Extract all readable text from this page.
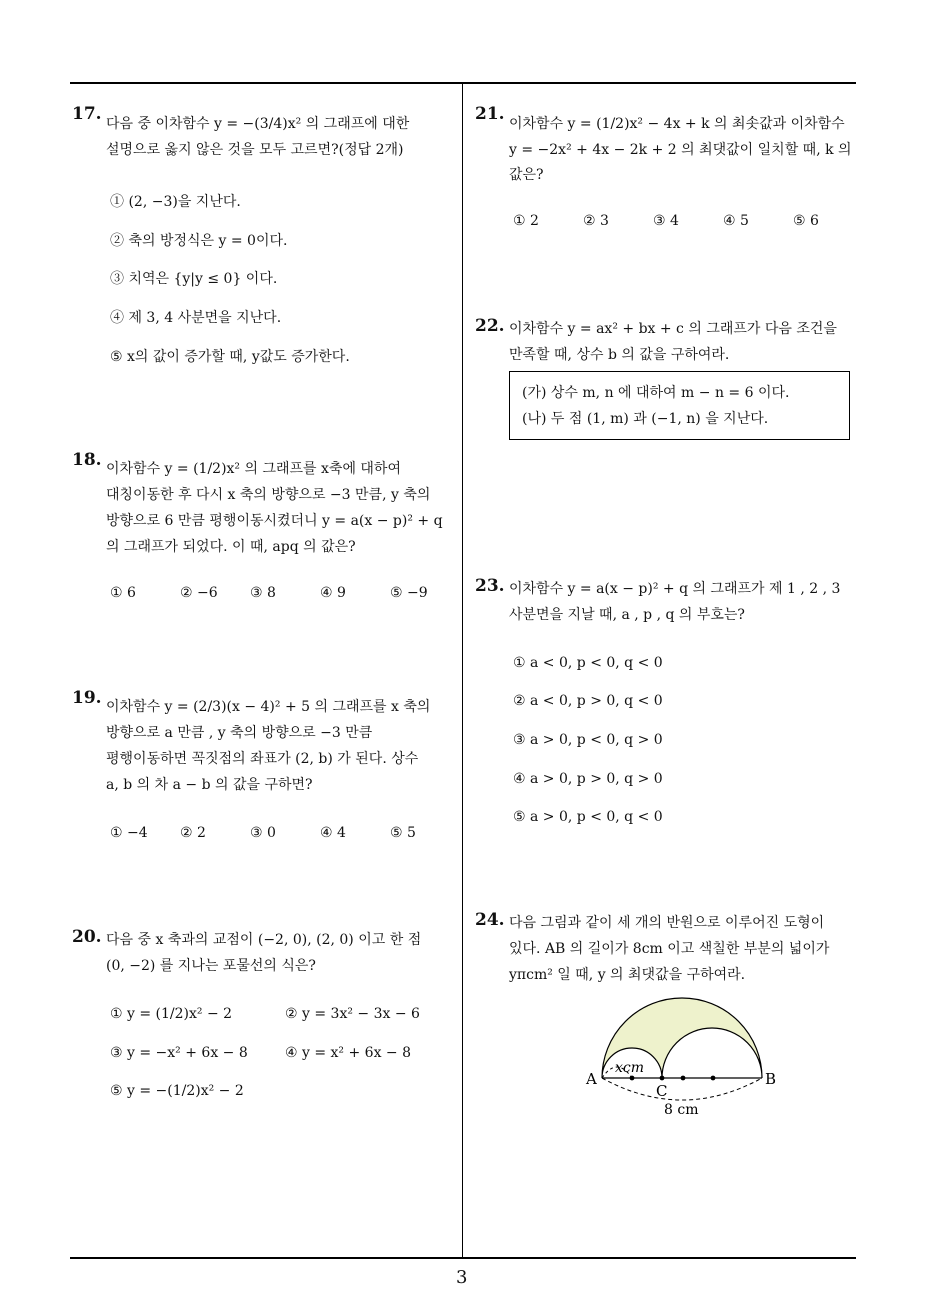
17. 다음 중 이차함수 y = −(3/4)x² 의 그래프에 대한
설명으로 옳지 않은 것을 모두 고르면?(정답 2개)
① (2, −3)을 지난다.
② 축의 방정식은 y = 0이다.
③ 치역은 {y|y ≤ 0} 이다.
④ 제 3, 4 사분면을 지난다.
⑤ x의 값이 증가할 때, y값도 증가한다.
18. 이차함수 y = (1/2)x² 의 그래프를 x축에 대하여
대칭이동한 후 다시 x 축의 방향으로 −3 만큼, y 축의
방향으로 6 만큼 평행이동시켰더니 y = a(x − p)² + q
의 그래프가 되었다. 이 때, apq 의 값은?
① 6	② −6 ③ 8	④ 9	⑤ −9
19. 이차함수 y = (2/3)(x − 4)² + 5 의 그래프를 x 축의
방향으로 a 만큼 , y 축의 방향으로 −3 만큼
평행이동하면 꼭짓점의 좌표가 (2, b) 가 된다. 상수
a, b 의 차 a − b 의 값을 구하면?
① −4 ② 2	③ 0	④ 4	⑤ 5
20. 다음 중 x 축과의 교점이 (−2, 0), (2, 0) 이고 한 점
(0, −2) 를 지나는 포물선의 식은?
① y = (1/2)x² − 2	② y = 3x² − 3x − 6
③ y = −x² + 6x − 8	④ y = x² + 6x − 8
⑤ y = −(1/2)x² − 2
21. 이차함수 y = (1/2)x² − 4x + k 의 최솟값과 이차함수
y = −2x² + 4x − 2k + 2 의 최댓값이 일치할 때, k 의
값은?
① 2	② 3	③ 4	④ 5	⑤ 6
22. 이차함수 y = ax² + bx + c 의 그래프가 다음 조건을
만족할 때, 상수 b 의 값을 구하여라.
(가) 상수 m, n 에 대하여 m − n = 6 이다.
(나) 두 점 (1, m) 과 (−1, n) 을 지난다.
23. 이차함수 y = a(x − p)² + q 의 그래프가 제 1 , 2 , 3
사분면을 지날 때, a , p , q 의 부호는?
① a < 0, p < 0, q < 0
② a < 0, p > 0, q < 0
③ a > 0, p < 0, q > 0
④ a > 0, p > 0, q > 0
⑤ a > 0, p < 0, q < 0
24. 다음 그림과 같이 세 개의 반원으로 이루어진 도형이
있다. AB 의 길이가 8cm 이고 색칠한 부분의 넓이가
yπcm² 일 때, y 의 최댓값을 구하여라.
A	B
C
xcm
8 cm
3
